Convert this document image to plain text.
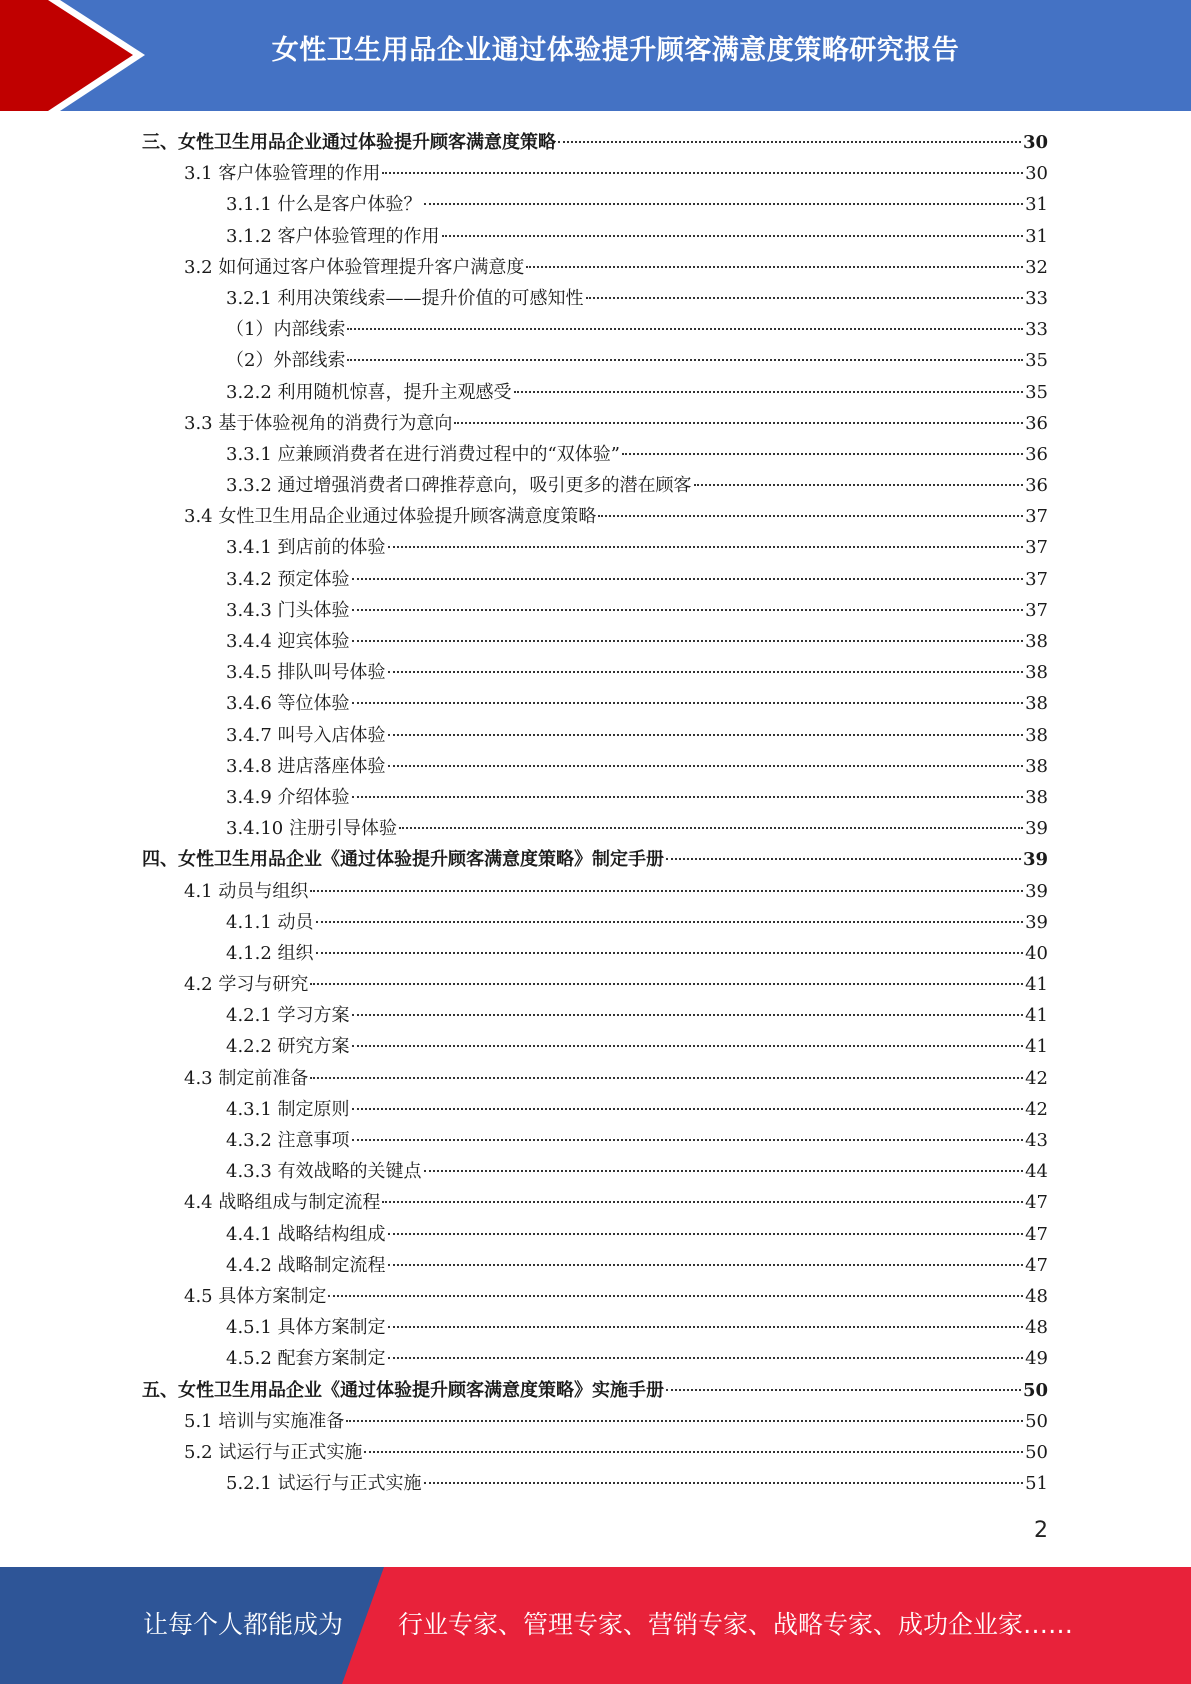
女性卫生用品企业通过体验提升顾客满意度策略研究报告
三、女性卫生用品企业通过体验提升顾客满意度策略	30
3.1 客户体验管理的作用	30
3.1.1 什么是客户体验？	31
3.1.2 客户体验管理的作用	31
3.2 如何通过客户体验管理提升客户满意度	32
3.2.1 利用决策线索——提升价值的可感知性	33
（1）内部线索	33
（2）外部线索	35
3.2.2 利用随机惊喜，提升主观感受	35
3.3 基于体验视角的消费行为意向	36
3.3.1 应兼顾消费者在进行消费过程中的“双体验”	36
3.3.2 通过增强消费者口碑推荐意向，吸引更多的潜在顾客	36
3.4 女性卫生用品企业通过体验提升顾客满意度策略	37
3.4.1 到店前的体验	37
3.4.2 预定体验	37
3.4.3 门头体验	37
3.4.4 迎宾体验	38
3.4.5 排队叫号体验	38
3.4.6 等位体验	38
3.4.7 叫号入店体验	38
3.4.8 进店落座体验	38
3.4.9 介绍体验	38
3.4.10 注册引导体验	39
四、女性卫生用品企业《通过体验提升顾客满意度策略》制定手册	39
4.1 动员与组织	39
4.1.1 动员	39
4.1.2 组织	40
4.2 学习与研究	41
4.2.1 学习方案	41
4.2.2 研究方案	41
4.3 制定前准备	42
4.3.1 制定原则	42
4.3.2 注意事项	43
4.3.3 有效战略的关键点	44
4.4 战略组成与制定流程	47
4.4.1 战略结构组成	47
4.4.2 战略制定流程	47
4.5 具体方案制定	48
4.5.1 具体方案制定	48
4.5.2 配套方案制定	49
五、女性卫生用品企业《通过体验提升顾客满意度策略》实施手册	50
5.1 培训与实施准备	50
5.2 试运行与正式实施	50
5.2.1 试运行与正式实施	51
2
让每个人都能成为 行业专家、管理专家、营销专家、战略专家、成功企业家……
